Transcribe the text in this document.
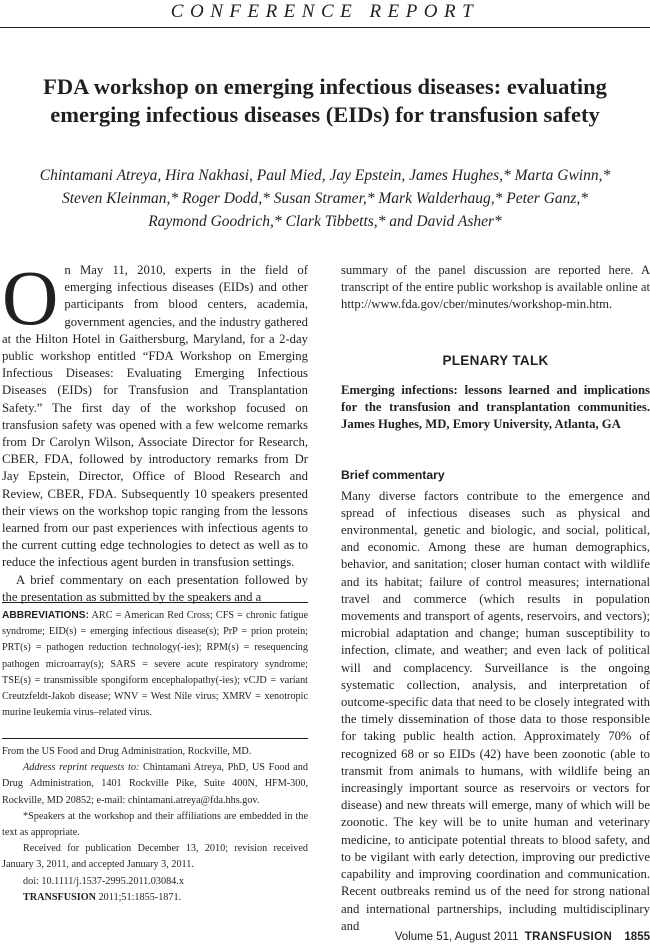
CONFERENCE REPORT
FDA workshop on emerging infectious diseases: evaluating
emerging infectious diseases (EIDs) for transfusion safety
Chintamani Atreya, Hira Nakhasi, Paul Mied, Jay Epstein, James Hughes,* Marta Gwinn,*
Steven Kleinman,* Roger Dodd,* Susan Stramer,* Mark Walderhaug,* Peter Ganz,*
Raymond Goodrich,* Clark Tibbetts,* and David Asher*

On May 11, 2010, experts in the field of emerging infectious diseases (EIDs) and other participants from blood centers, academia, government agencies, and the industry gathered at the Hilton Hotel in Gaithersburg, Maryland, for a 2-day public workshop entitled “FDA Workshop on Emerging Infectious Diseases: Evaluating Emerging Infectious Diseases (EIDs) for Transfusion and Transplantation Safety.” The first day of the workshop focused on transfusion safety was opened with a few welcome remarks from Dr Carolyn Wilson, Associate Director for Research, CBER, FDA, followed by introductory remarks from Dr Jay Epstein, Director, Office of Blood Research and Review, CBER, FDA. Subsequently 10 speakers presented their views on the workshop topic ranging from the lessons learned from our past experiences with infectious agents to the current cutting edge technologies to detect as well as to reduce the infectious agent burden in transfusion settings.

A brief commentary on each presentation followed by the presentation as submitted by the speakers and a

ABBREVIATIONS: ARC = American Red Cross; CFS = chronic fatigue syndrome; EID(s) = emerging infectious disease(s); PrP = prion protein; PRT(s) = pathogen reduction technology(-ies); RPM(s) = resequencing pathogen microarray(s); SARS = severe acute respiratory syndrome; TSE(s) = transmissible spongiform encephalopathy(-ies); vCJD = variant Creutzfeldt-Jakob disease; WNV = West Nile virus; XMRV = xenotropic murine leukemia virus–related virus.

From the US Food and Drug Administration, Rockville, MD.

Address reprint requests to: Chintamani Atreya, PhD, US Food and Drug Administration, 1401 Rockville Pike, Suite 400N, HFM-300, Rockville, MD 20852; e-mail: chintamani.atreya@fda.hhs.gov.

*Speakers at the workshop and their affiliations are embedded in the text as appropriate.

Received for publication December 13, 2010; revision received January 3, 2011, and accepted January 3, 2011.

doi: 10.1111/j.1537-2995.2011.03084.x

TRANSFUSION 2011;51:1855-1871.

summary of the panel discussion are reported here. A transcript of the entire public workshop is available online at http://www.fda.gov/cber/minutes/workshop-min.htm.

PLENARY TALK

Emerging infections: lessons learned and implications for the transfusion and transplantation communities. James Hughes, MD, Emory University, Atlanta, GA

Brief commentary

Many diverse factors contribute to the emergence and spread of infectious diseases such as physical and environmental, genetic and biologic, and social, political, and economic. Among these are human demographics, behavior, and sanitation; closer human contact with wildlife and its habitat; failure of control measures; international travel and commerce (which results in population movements and transport of agents, reservoirs, and vectors); microbial adaptation and change; human susceptibility to infection, climate, and weather; and even lack of political will and complacency. Surveillance is the ongoing systematic collection, analysis, and interpretation of outcome-specific data that need to be closely integrated with the timely dissemination of those data to those responsible for taking public health action. Approximately 70% of recognized 68 or so EIDs (42) have been zoonotic (able to transmit from animals to humans, with wildlife being an increasingly important source as reservoirs or vectors for disease) and new threats will emerge, many of which will be zoonotic. The key will be to unite human and veterinary medicine, to anticipate potential threats to blood safety, and to be vigilant with early detection, improving our predictive capability and improving coordination and communication. Recent outbreaks remind us of the need for strong national and international partnerships, including multidisciplinary and

Volume 51, August 2011 TRANSFUSION 1855
